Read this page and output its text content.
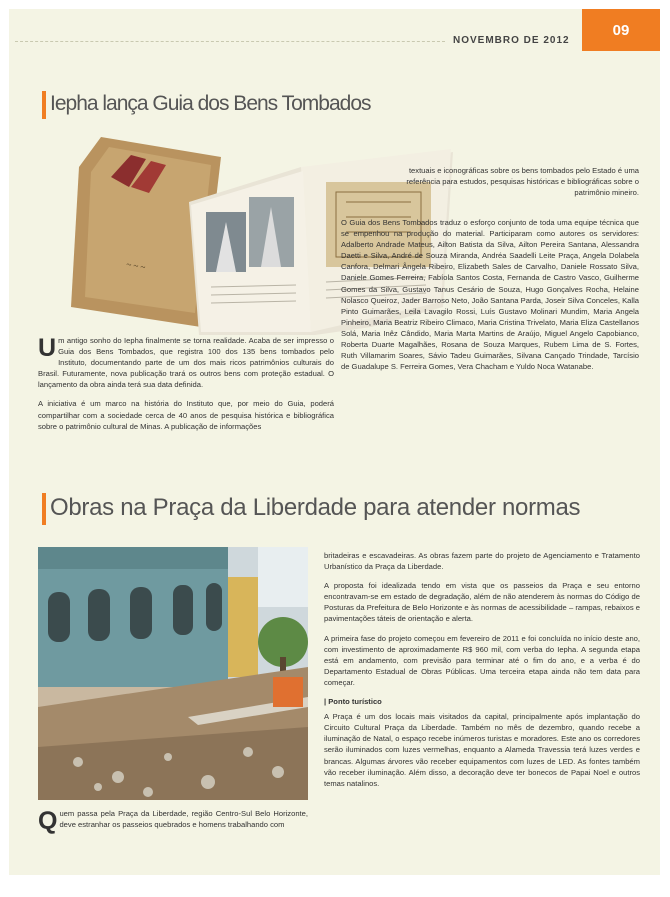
NOVEMBRO DE 2012
09
Iepha lança Guia dos Bens Tombados
~ ~ ~

textuais e iconográficas sobre os bens tombados pelo Estado é uma referência para estudos, pesquisas históricas e bibliográficas sobre o patrimônio mineiro.

O Guia dos Bens Tombados traduz o esforço conjunto de toda uma equipe técnica que se empenhou na produção do material. Participaram como autores os servidores: Adalberto Andrade Mateus, Ailton Batista da Silva, Ailton Pereira Santana, Alessandra Daetti e Silva, André de Souza Miranda, Andréa Saadelli Leite Praça, Angela Dolabela Canfora, Delmari Ângela Ribeiro, Elizabeth Sales de Carvalho, Daniele Rossato Silva, Daniele Gomes Ferreira, Fabíola Santos Costa, Fernanda de Castro Vasco, Guilherme Gomes da Silva, Gustavo Tanus Cesário de Souza, Hugo Gonçalves Rocha, Helaine Nolasco Queiroz, Jader Barroso Neto, João Santana Parda, Joseir Silva Conceles, Kalla Pinto Guimarães, Leila Lavagilo Rossi, Luís Gustavo Molinari Mundim, Maria Angela Pinheiro, Maria Beatriz Ribeiro Climaco, Maria Cristina Trivelato, Maria Eliza Castellanos Solá, Maria Inêz Cândido, Maria Marta Martins de Araújo, Miguel Angelo Capobianco, Roberta Duarte Magalhães, Rosana de Souza Marques, Rubem Lima de S. Fortes, Ruth Villamarim Soares, Sávio Tadeu Guimarães, Silvana Cançado Trindade, Tarcísio de Guadalupe S. Ferreira Gomes, Vera Chacham e Yuldo Noca Watanabe.

Um antigo sonho do Iepha finalmente se torna realidade. Acaba de ser impresso o Guia dos Bens Tombados, que registra 100 dos 135 bens tombados pelo Instituto, documentando parte de um dos mais ricos patrimônios culturais do Brasil. Futuramente, nova publicação trará os outros bens com proteção estadual. O lançamento da obra ainda terá sua data definida.

A iniciativa é um marco na história do Instituto que, por meio do Guia, poderá compartilhar com a sociedade cerca de 40 anos de pesquisa histórica e bibliográfica sobre o patrimônio cultural de Minas. A publicação de informações

Obras na Praça da Liberdade para atender normas

Quem passa pela Praça da Liberdade, região Centro-Sul Belo Horizonte, deve estranhar os passeios quebrados e homens trabalhando com

britadeiras e escavadeiras. As obras fazem parte do projeto de Agenciamento e Tratamento Urbanístico da Praça da Liberdade.

A proposta foi idealizada tendo em vista que os passeios da Praça e seu entorno encontravam-se em estado de degradação, além de não atenderem às normas do Código de Posturas da Prefeitura de Belo Horizonte e às normas de acessibilidade – rampas, rebaixos e pavimentações táteis de orientação e alerta.

A primeira fase do projeto começou em fevereiro de 2011 e foi concluída no início deste ano, com investimento de aproximadamente R$ 960 mil, com verba do Iepha. A segunda etapa está em andamento, com previsão para terminar até o fim do ano, e a verba é do Departamento Estadual de Obras Públicas. Uma terceira etapa ainda não tem data para começar.

| Ponto turístico

A Praça é um dos locais mais visitados da capital, principalmente após implantação do Circuito Cultural Praça da Liberdade. Também no mês de dezembro, quando recebe a iluminação de Natal, o espaço recebe inúmeros turistas e moradores. Este ano os corredores serão iluminados com luzes vermelhas, enquanto a Alameda Travessia terá luzes verdes e brancas. Algumas árvores vão receber equipamentos com luzes de LED. As fontes também vão receber iluminação. Além disso, a decoração deve ter bonecos de Papai Noel e outros temas natalinos.
